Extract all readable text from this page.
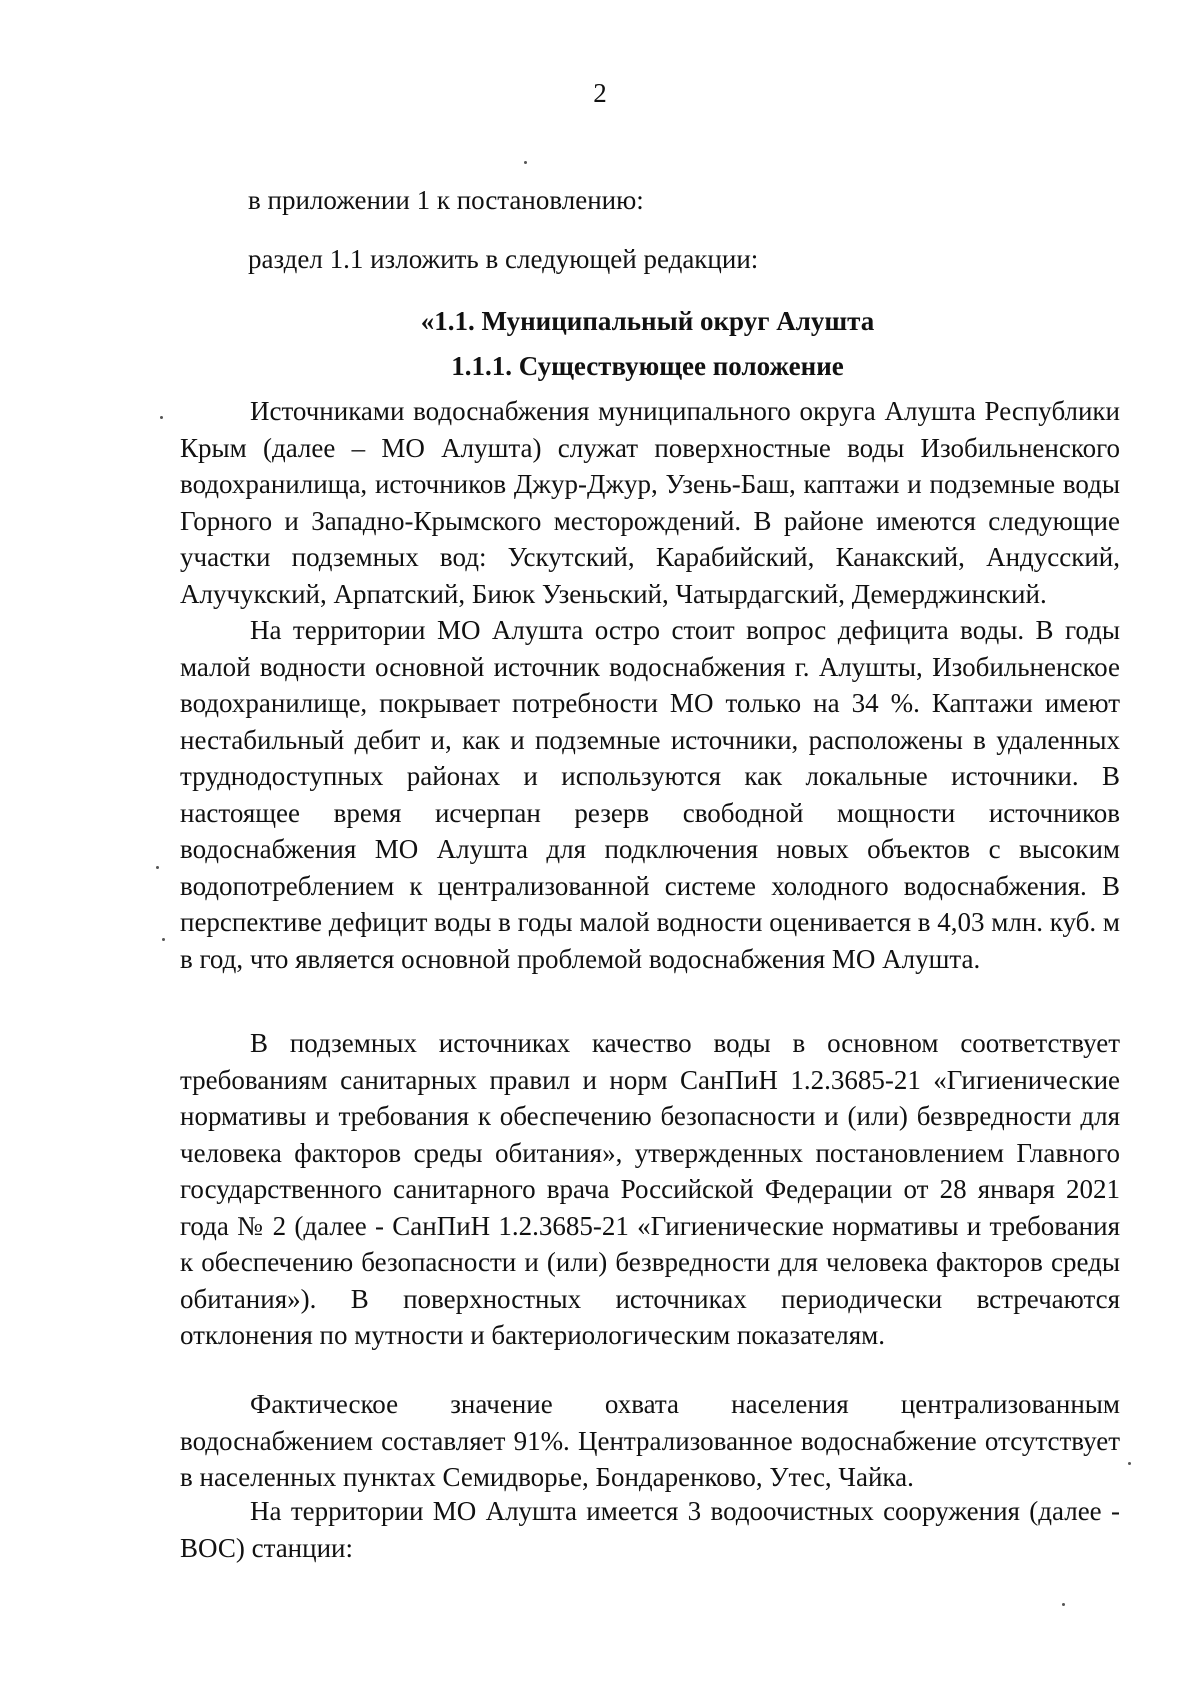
2
в приложении 1 к постановлению:
раздел 1.1 изложить в следующей редакции:
«1.1. Муниципальный округ Алушта
1.1.1. Существующее положение

Источниками водоснабжения муниципального округа Алушта Республики Крым (далее – МО Алушта) служат поверхностные воды Изобильненского водохранилища, источников Джур-Джур, Узень-Баш, каптажи и подземные воды Горного и Западно-Крымского месторождений. В районе имеются следующие участки подземных вод: Ускутский, Карабийский, Канакский, Андусский, Алучукский, Арпатский, Биюк Узеньский, Чатырдагский, Демерджинский.

На территории МО Алушта остро стоит вопрос дефицита воды. В годы малой водности основной источник водоснабжения г. Алушты, Изобильненское водохранилище, покрывает потребности МО только на 34 %. Каптажи имеют нестабильный дебит и, как и подземные источники, расположены в удаленных труднодоступных районах и используются как локальные источники. В настоящее время исчерпан резерв свободной мощности источников водоснабжения МО Алушта для подключения новых объектов с высоким водопотреблением к централизованной системе холодного водоснабжения. В перспективе дефицит воды в годы малой водности оценивается в 4,03 млн. куб. м в год, что является основной проблемой водоснабжения МО Алушта.

В подземных источниках качество воды в основном соответствует требованиям санитарных правил и норм СанПиН 1.2.3685-21 «Гигиенические нормативы и требования к обеспечению безопасности и (или) безвредности для человека факторов среды обитания», утвержденных постановлением Главного государственного санитарного врача Российской Федерации от 28 января 2021 года № 2 (далее - СанПиН 1.2.3685-21 «Гигиенические нормативы и требования к обеспечению безопасности и (или) безвредности для человека факторов среды обитания»). В поверхностных источниках периодически встречаются отклонения по мутности и бактериологическим показателям.

Фактическое значение охвата населения централизованным водоснабжением составляет 91%. Централизованное водоснабжение отсутствует в населенных пунктах Семидворье, Бондаренково, Утес, Чайка.

На территории МО Алушта имеется 3 водоочистных сооружения (далее - ВОС) станции:
